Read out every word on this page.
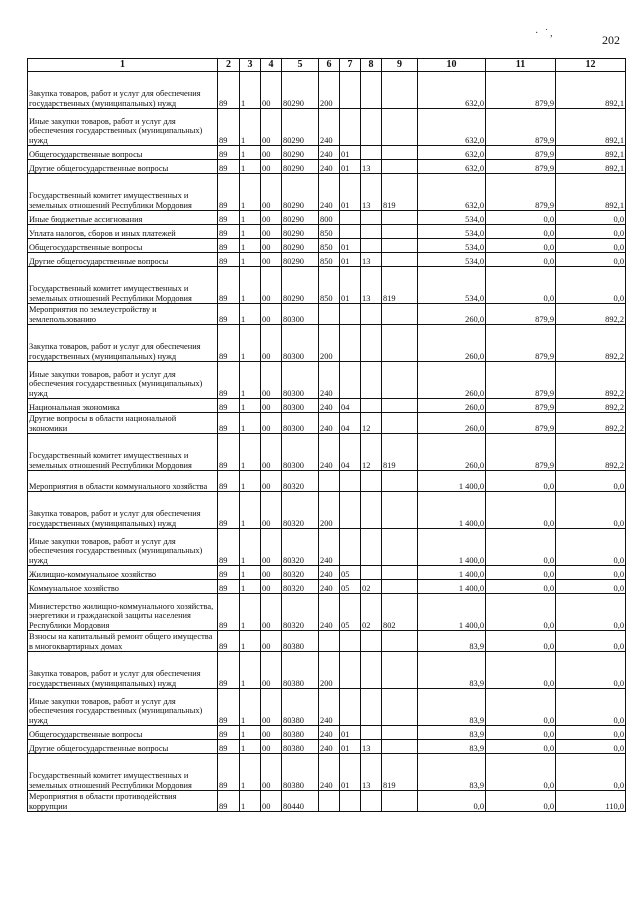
· ˙,	202
1	2	3	4	5	6	7	8	9	10	11	12
Закупка товаров, работ и услуг для обеспечения государственных (муниципальных) нужд	89	1	00	80290	200				632,0	879,9	892,1
Иные закупки товаров, работ и услуг для обеспечения государственных (муниципальных) нужд	89	1	00	80290	240				632,0	879,9	892,1
Общегосударственные вопросы	89	1	00	80290	240	01			632,0	879,9	892,1
Другие общегосударственные вопросы	89	1	00	80290	240	01	13		632,0	879,9	892,1
Государственный комитет имущественных и земельных отношений Республики Мордовия	89	1	00	80290	240	01	13	819	632,0	879,9	892,1
Иные бюджетные ассигнования	89	1	00	80290	800				534,0	0,0	0,0
Уплата налогов, сборов и иных платежей	89	1	00	80290	850				534,0	0,0	0,0
Общегосударственные вопросы	89	1	00	80290	850	01			534,0	0,0	0,0
Другие общегосударственные вопросы	89	1	00	80290	850	01	13		534,0	0,0	0,0
Государственный комитет имущественных и земельных отношений Республики Мордовия	89	1	00	80290	850	01	13	819	534,0	0,0	0,0
Мероприятия по землеустройству и землепользованию	89	1	00	80300					260,0	879,9	892,2
Закупка товаров, работ и услуг для обеспечения государственных (муниципальных) нужд	89	1	00	80300	200				260,0	879,9	892,2
Иные закупки товаров, работ и услуг для обеспечения государственных (муниципальных) нужд	89	1	00	80300	240				260,0	879,9	892,2
Национальная экономика	89	1	00	80300	240	04			260,0	879,9	892,2
Другие вопросы в области национальной экономики	89	1	00	80300	240	04	12		260,0	879,9	892,2
Государственный комитет имущественных и земельных отношений Республики Мордовия	89	1	00	80300	240	04	12	819	260,0	879,9	892,2
Мероприятия в области коммунального хозяйства	89	1	00	80320					1 400,0	0,0	0,0
Закупка товаров, работ и услуг для обеспечения государственных (муниципальных) нужд	89	1	00	80320	200				1 400,0	0,0	0,0
Иные закупки товаров, работ и услуг для обеспечения государственных (муниципальных) нужд	89	1	00	80320	240				1 400,0	0,0	0,0
Жилищно-коммунальное хозяйство	89	1	00	80320	240	05			1 400,0	0,0	0,0
Коммунальное хозяйство	89	1	00	80320	240	05	02		1 400,0	0,0	0,0
Министерство жилищно-коммунального хозяйства, энергетики и гражданской защиты населения Республики Мордовия	89	1	00	80320	240	05	02	802	1 400,0	0,0	0,0
Взносы на капитальный ремонт общего имущества в многоквартирных домах	89	1	00	80380					83,9	0,0	0,0
Закупка товаров, работ и услуг для обеспечения государственных (муниципальных) нужд	89	1	00	80380	200				83,9	0,0	0,0
Иные закупки товаров, работ и услуг для обеспечения государственных (муниципальных) нужд	89	1	00	80380	240				83,9	0,0	0,0
Общегосударственные вопросы	89	1	00	80380	240	01			83,9	0,0	0,0
Другие общегосударственные вопросы	89	1	00	80380	240	01	13		83,9	0,0	0,0
Государственный комитет имущественных и земельных отношений Республики Мордовия	89	1	00	80380	240	01	13	819	83,9	0,0	0,0
Мероприятия в области противодействия коррупции	89	1	00	80440					0,0	0,0	110,0
